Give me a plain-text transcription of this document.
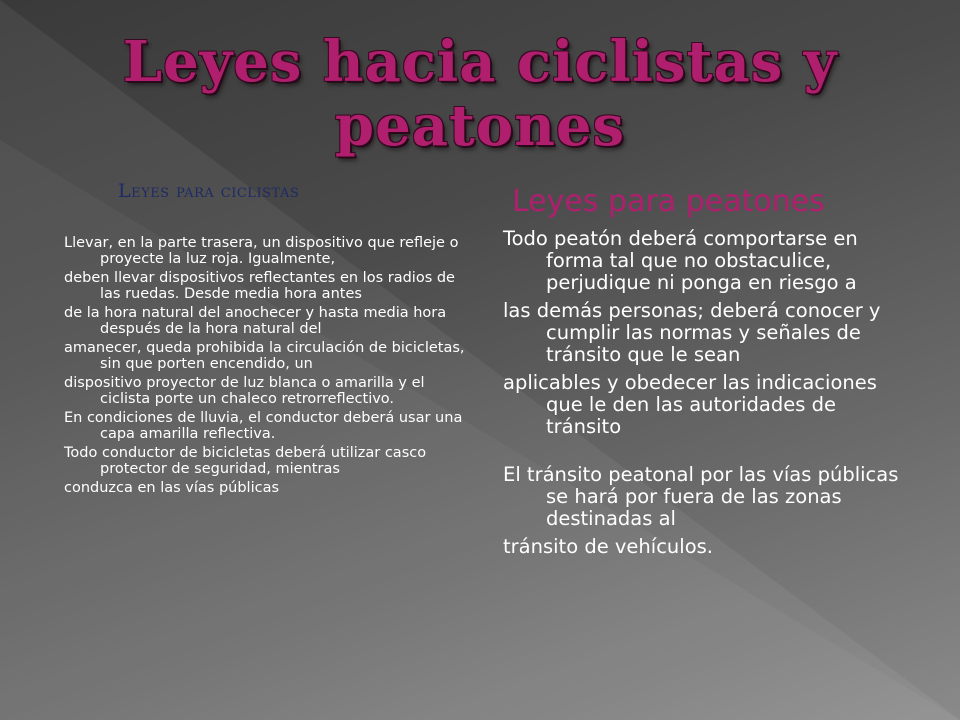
Leyes hacia ciclistas y peatones
Leyes para ciclistas	Leyes para peatones

Llevar, en la parte trasera, un dispositivo que refleje o proyecte la luz roja. Igualmente,

deben llevar dispositivos reflectantes en los radios de las ruedas. Desde media hora antes

de la hora natural del anochecer y hasta media hora después de la hora natural del

amanecer, queda prohibida la circulación de bicicletas, sin que porten encendido, un

dispositivo proyector de luz blanca o amarilla y el ciclista porte un chaleco retrorreflectivo.

En condiciones de lluvia, el conductor deberá usar una capa amarilla reflectiva.

Todo conductor de bicicletas deberá utilizar casco protector de seguridad, mientras

conduzca en las vías públicas

Todo peatón deberá comportarse en forma tal que no obstaculice, perjudique ni ponga en riesgo a

las demás personas; deberá conocer y cumplir las normas y señales de tránsito que le sean

aplicables y obedecer las indicaciones que le den las autoridades de tránsito

El tránsito peatonal por las vías públicas se hará por fuera de las zonas destinadas al

tránsito de vehículos.
